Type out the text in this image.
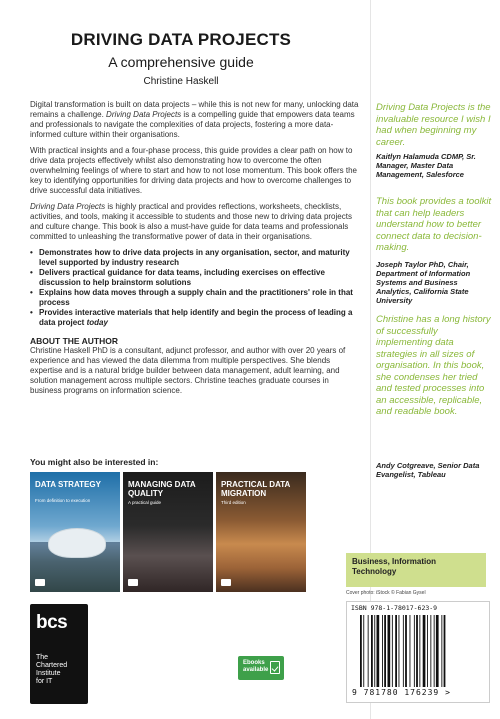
DRIVING DATA PROJECTS
A comprehensive guide
Christine Haskell

Digital transformation is built on data projects – while this is not new for many, unlocking data remains a challenge. Driving Data Projects is a compelling guide that empowers data teams and professionals to navigate the complexities of data projects, fostering a more data-informed culture within their organisations.

With practical insights and a four-phase process, this guide provides a clear path on how to drive data projects effectively whilst also demonstrating how to overcome the often overwhelming feelings of where to start and how to not lose momentum. This book offers the key to identifying opportunities for driving data projects and how to overcome challenges to drive successful data initiatives.

Driving Data Projects is highly practical and provides reflections, worksheets, checklists, activities, and tools, making it accessible to students and those new to driving data projects and culture change. This book is also a must-have guide for data teams and professionals committed to unleashing the transformative power of data in their organisations.

• Demonstrates how to drive data projects in any organisation, sector, and maturity level supported by industry research
• Delivers practical guidance for data teams, including exercises on effective discussion to help brainstorm solutions
• Explains how data moves through a supply chain and the practitioners' role in that process
• Provides interactive materials that help identify and begin the process of leading a data project today
ABOUT THE AUTHOR

Christine Haskell PhD is a consultant, adjunct professor, and author with over 20 years of experience and has viewed the data dilemma from multiple perspectives. She blends expertise and is a natural bridge builder between data management, adult learning, and solution management across multiple sectors. Christine teaches graduate courses in business programs on information science.

You might also be interested in:
DATA STRATEGY
From definition to execution
MANAGING DATA QUALITY
A practical guide
PRACTICAL DATA MIGRATION
Third edition
bcs
The
Chartered
Institute
for IT
Ebooks available
Driving Data Projects is the invaluable resource I wish I had when beginning my career.
Kaitlyn Halamuda CDMP, Sr. Manager, Master Data Management, Salesforce
This book provides a toolkit that can help leaders understand how to better connect data to decision-making.
Joseph Taylor PhD, Chair, Department of Information Systems and Business Analytics, California State University
Christine has a long history of successfully implementing data strategies in all sizes of organisation. In this book, she condenses her tried and tested processes into an accessible, replicable, and readable book.
Andy Cotgreave, Senior Data Evangelist, Tableau
Business, Information Technology
Cover photo: iStock © Fabian Gysel
ISBN 978-1-78017-623-9
9 781780 176239 >
